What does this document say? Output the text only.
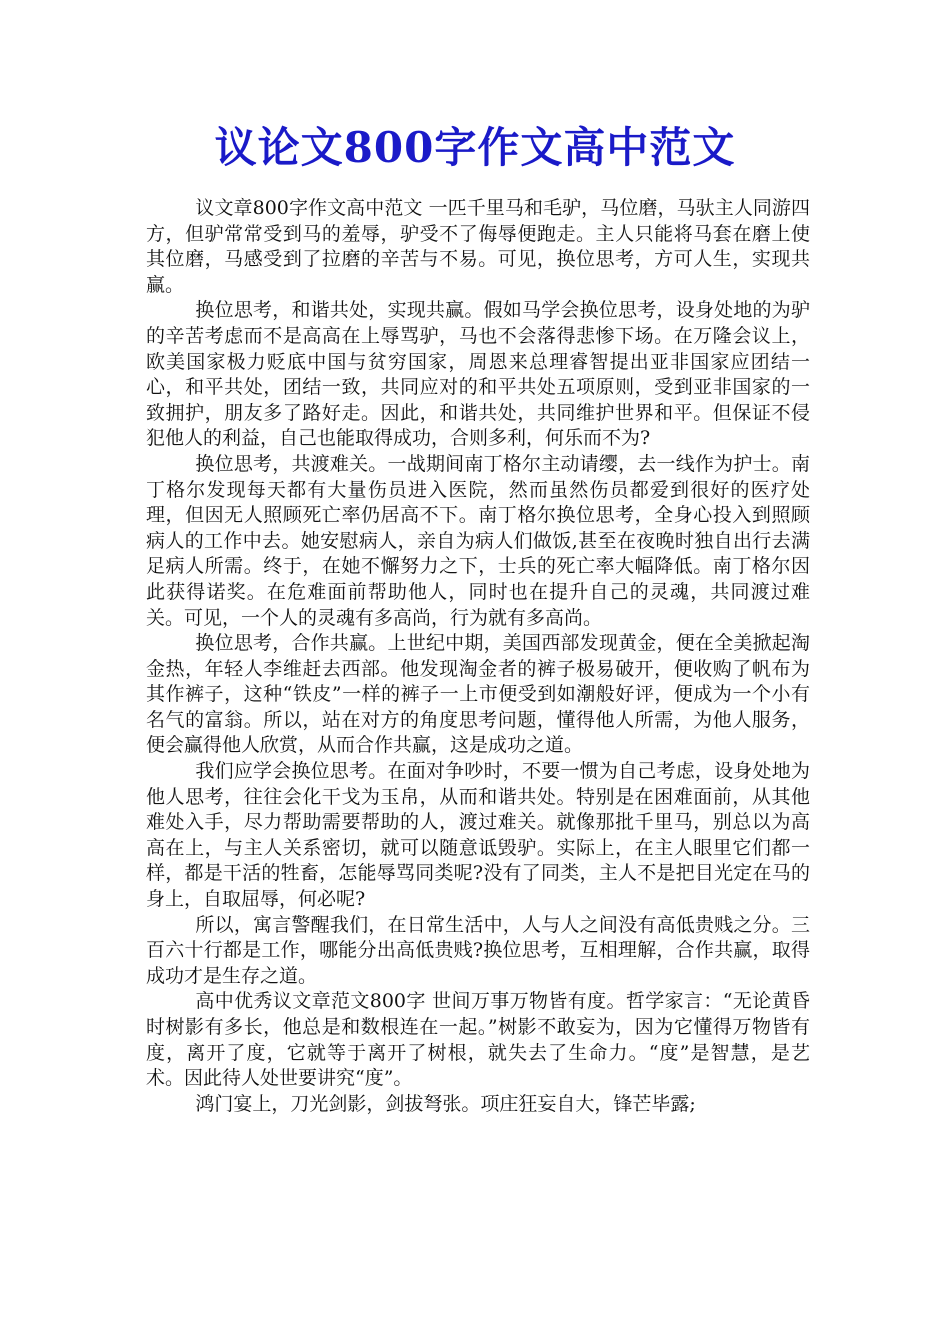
议论文800字作文高中范文

议文章800字作文高中范文 一匹千里马和毛驴，马位磨，马驮主人同游四方，但驴常常受到马的羞辱，驴受不了侮辱便跑走。主人只能将马套在磨上使其位磨，马感受到了拉磨的辛苦与不易。可见，换位思考，方可人生，实现共赢。

换位思考，和谐共处，实现共赢。假如马学会换位思考，设身处地的为驴的辛苦考虑而不是高高在上辱骂驴，马也不会落得悲惨下场。在万隆会议上，欧美国家极力贬底中国与贫穷国家，周恩来总理睿智提出亚非国家应团结一心，和平共处，团结一致，共同应对的和平共处五项原则，受到亚非国家的一致拥护，朋友多了路好走。因此，和谐共处，共同维护世界和平。但保证不侵犯他人的利益，自己也能取得成功，合则多利，何乐而不为?

换位思考，共渡难关。一战期间南丁格尔主动请缨，去一线作为护士。南丁格尔发现每天都有大量伤员进入医院，然而虽然伤员都爱到很好的医疗处理，但因无人照顾死亡率仍居高不下。南丁格尔换位思考，全身心投入到照顾病人的工作中去。她安慰病人，亲自为病人们做饭,甚至在夜晚时独自出行去满足病人所需。终于，在她不懈努力之下，士兵的死亡率大幅降低。南丁格尔因此获得诺奖。在危难面前帮助他人，同时也在提升自己的灵魂，共同渡过难关。可见，一个人的灵魂有多高尚，行为就有多高尚。

换位思考，合作共赢。上世纪中期，美国西部发现黄金，便在全美掀起淘金热，年轻人李维赶去西部。他发现淘金者的裤子极易破开，便收购了帆布为其作裤子，这种“铁皮”一样的裤子一上市便受到如潮般好评，便成为一个小有名气的富翁。所以，站在对方的角度思考问题，懂得他人所需，为他人服务，便会赢得他人欣赏，从而合作共赢，这是成功之道。

我们应学会换位思考。在面对争吵时，不要一惯为自己考虑，设身处地为他人思考，往往会化干戈为玉帛，从而和谐共处。特别是在困难面前，从其他难处入手，尽力帮助需要帮助的人，渡过难关。就像那批千里马，别总以为高高在上，与主人关系密切，就可以随意诋毁驴。实际上，在主人眼里它们都一样，都是干活的牲畜，怎能辱骂同类呢?没有了同类，主人不是把目光定在马的身上，自取屈辱，何必呢?

所以，寓言警醒我们，在日常生活中，人与人之间没有高低贵贱之分。三百六十行都是工作，哪能分出高低贵贱?换位思考，互相理解，合作共赢，取得成功才是生存之道。

高中优秀议文章范文800字 世间万事万物皆有度。哲学家言：“无论黄昏时树影有多长，他总是和数根连在一起。”树影不敢妄为，因为它懂得万物皆有度，离开了度，它就等于离开了树根，就失去了生命力。“度”是智慧，是艺术。因此待人处世要讲究“度”。

鸿门宴上，刀光剑影，剑拔弩张。项庄狂妄自大，锋芒毕露;
